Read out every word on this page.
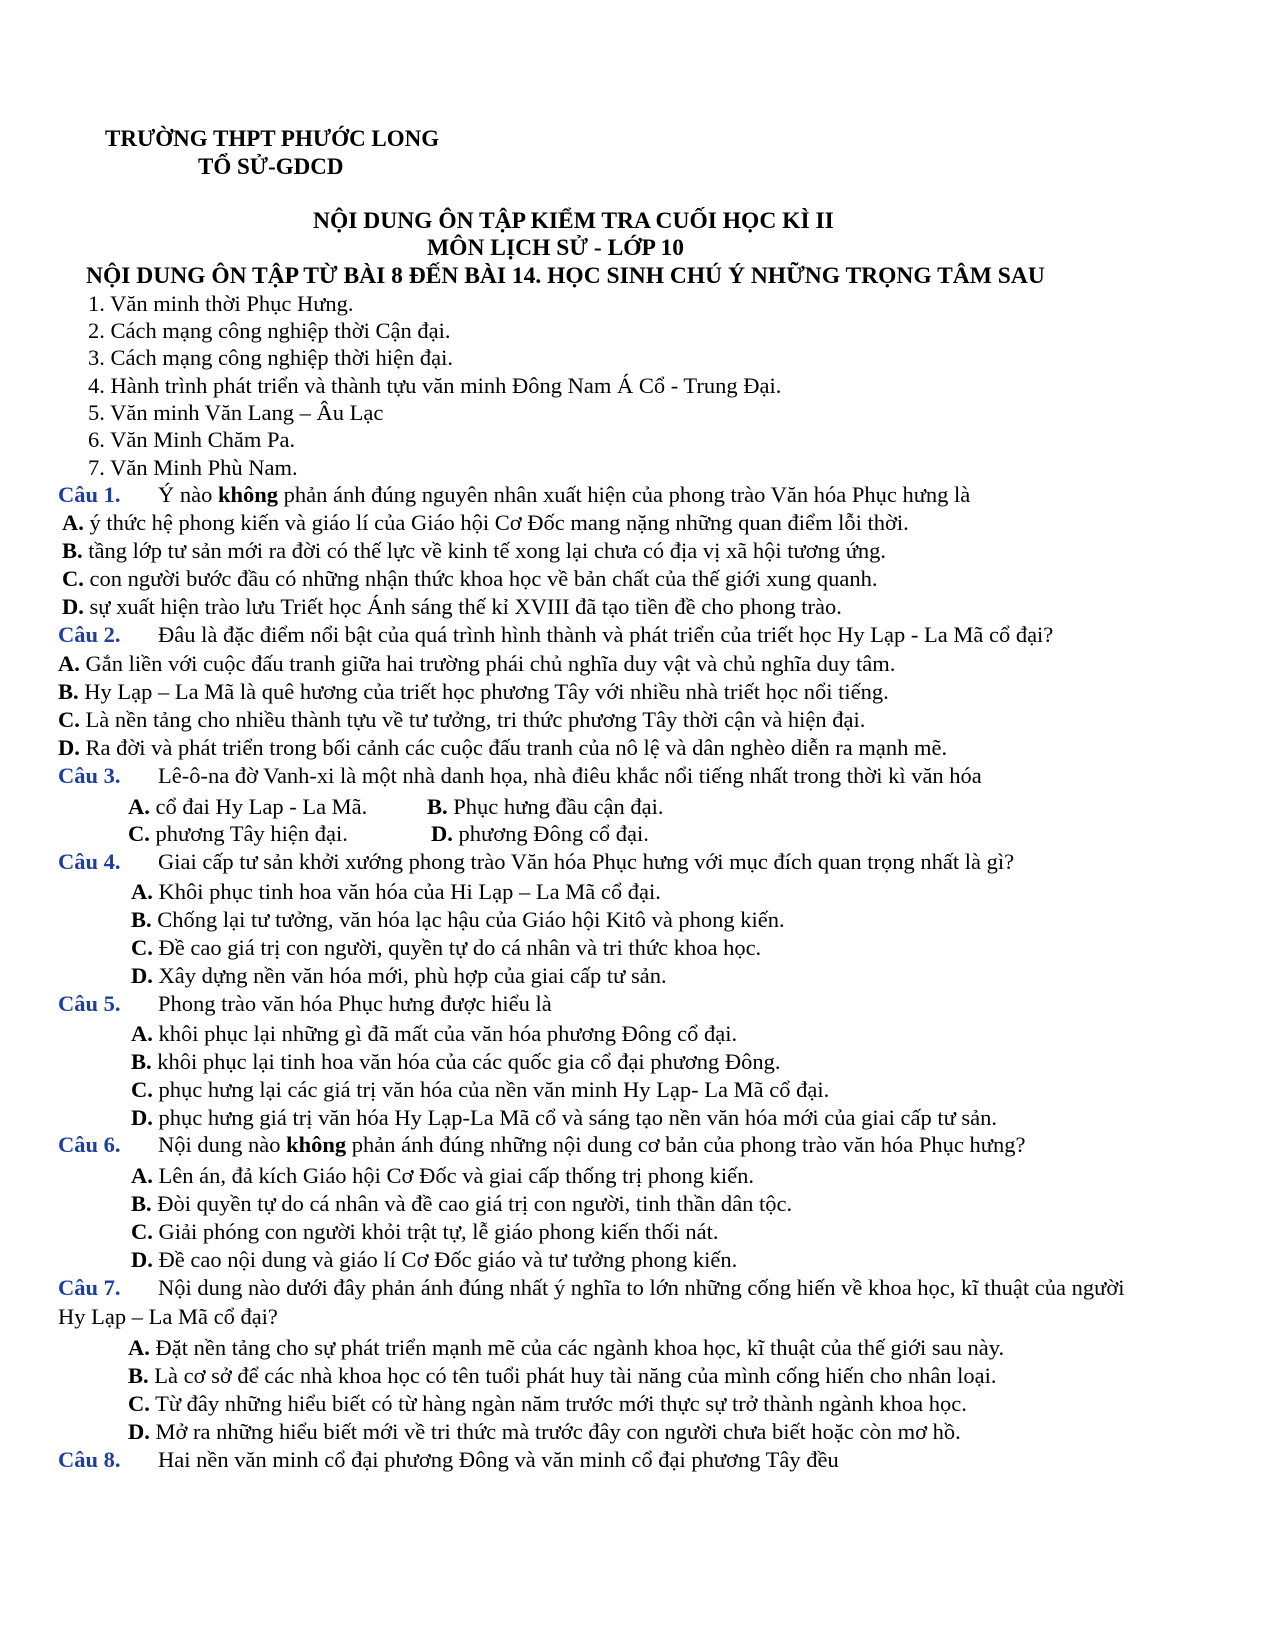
TRƯỜNG THPT PHƯỚC LONG
TỔ SỬ-GDCD
NỘI DUNG ÔN TẬP KIỂM TRA CUỐI HỌC KÌ II
MÔN LỊCH SỬ - LỚP 10
NỘI DUNG ÔN TẬP TỪ BÀI 8 ĐẾN BÀI 14. HỌC SINH CHÚ Ý NHỮNG TRỌNG TÂM SAU
1. Văn minh thời Phục Hưng.
2. Cách mạng công nghiệp thời Cận đại.
3. Cách mạng công nghiệp thời hiện đại.
4. Hành trình phát triển và thành tựu văn minh Đông Nam Á Cổ - Trung Đại.
5. Văn minh Văn Lang – Âu Lạc
6. Văn Minh Chăm Pa.
7. Văn Minh Phù Nam.
Câu 1. Ý nào không phản ánh đúng nguyên nhân xuất hiện của phong trào Văn hóa Phục hưng là
A. ý thức hệ phong kiến và giáo lí của Giáo hội Cơ Đốc mang nặng những quan điểm lỗi thời.
B. tầng lớp tư sản mới ra đời có thế lực về kinh tế xong lại chưa có địa vị xã hội tương ứng.
C. con người bước đầu có những nhận thức khoa học về bản chất của thế giới xung quanh.
D. sự xuất hiện trào lưu Triết học Ánh sáng thế kỉ XVIII đã tạo tiền đề cho phong trào.
Câu 2. Đâu là đặc điểm nổi bật của quá trình hình thành và phát triển của triết học Hy Lạp - La Mã cổ đại?
A. Gắn liền với cuộc đấu tranh giữa hai trường phái chủ nghĩa duy vật và chủ nghĩa duy tâm.
B. Hy Lạp – La Mã là quê hương của triết học phương Tây với nhiều nhà triết học nổi tiếng.
C. Là nền tảng cho nhiều thành tựu về tư tưởng, tri thức phương Tây thời cận và hiện đại.
D. Ra đời và phát triển trong bối cảnh các cuộc đấu tranh của nô lệ và dân nghèo diễn ra mạnh mẽ.
Câu 3. Lê-ô-na đờ Vanh-xi là một nhà danh họa, nhà điêu khắc nổi tiếng nhất trong thời kì văn hóa
A. cổ đai Hy Lap - La Mã.	B. Phục hưng đầu cận đại.
C. phương Tây hiện đại.	D. phương Đông cổ đại.
Câu 4. Giai cấp tư sản khởi xướng phong trào Văn hóa Phục hưng với mục đích quan trọng nhất là gì?
A. Khôi phục tinh hoa văn hóa của Hi Lạp – La Mã cổ đại.
B. Chống lại tư tưởng, văn hóa lạc hậu của Giáo hội Kitô và phong kiến.
C. Đề cao giá trị con người, quyền tự do cá nhân và tri thức khoa học.
D. Xây dựng nền văn hóa mới, phù hợp của giai cấp tư sản.
Câu 5. Phong trào văn hóa Phục hưng được hiểu là
A. khôi phục lại những gì đã mất của văn hóa phương Đông cổ đại.
B. khôi phục lại tinh hoa văn hóa của các quốc gia cổ đại phương Đông.
C. phục hưng lại các giá trị văn hóa của nền văn minh Hy Lạp- La Mã cổ đại.
D. phục hưng giá trị văn hóa Hy Lạp-La Mã cổ và sáng tạo nền văn hóa mới của giai cấp tư sản.
Câu 6. Nội dung nào không phản ánh đúng những nội dung cơ bản của phong trào văn hóa Phục hưng?
A. Lên án, đả kích Giáo hội Cơ Đốc và giai cấp thống trị phong kiến.
B. Đòi quyền tự do cá nhân và đề cao giá trị con người, tinh thần dân tộc.
C. Giải phóng con người khỏi trật tự, lễ giáo phong kiến thối nát.
D. Đề cao nội dung và giáo lí Cơ Đốc giáo và tư tưởng phong kiến.
Câu 7. Nội dung nào dưới đây phản ánh đúng nhất ý nghĩa to lớn những cống hiến về khoa học, kĩ thuật của người
Hy Lạp – La Mã cổ đại?
A. Đặt nền tảng cho sự phát triển mạnh mẽ của các ngành khoa học, kĩ thuật của thế giới sau này.
B. Là cơ sở để các nhà khoa học có tên tuổi phát huy tài năng của mình cống hiến cho nhân loại.
C. Từ đây những hiểu biết có từ hàng ngàn năm trước mới thực sự trở thành ngành khoa học.
D. Mở ra những hiểu biết mới về tri thức mà trước đây con người chưa biết hoặc còn mơ hồ.
Câu 8. Hai nền văn minh cổ đại phương Đông và văn minh cổ đại phương Tây đều
